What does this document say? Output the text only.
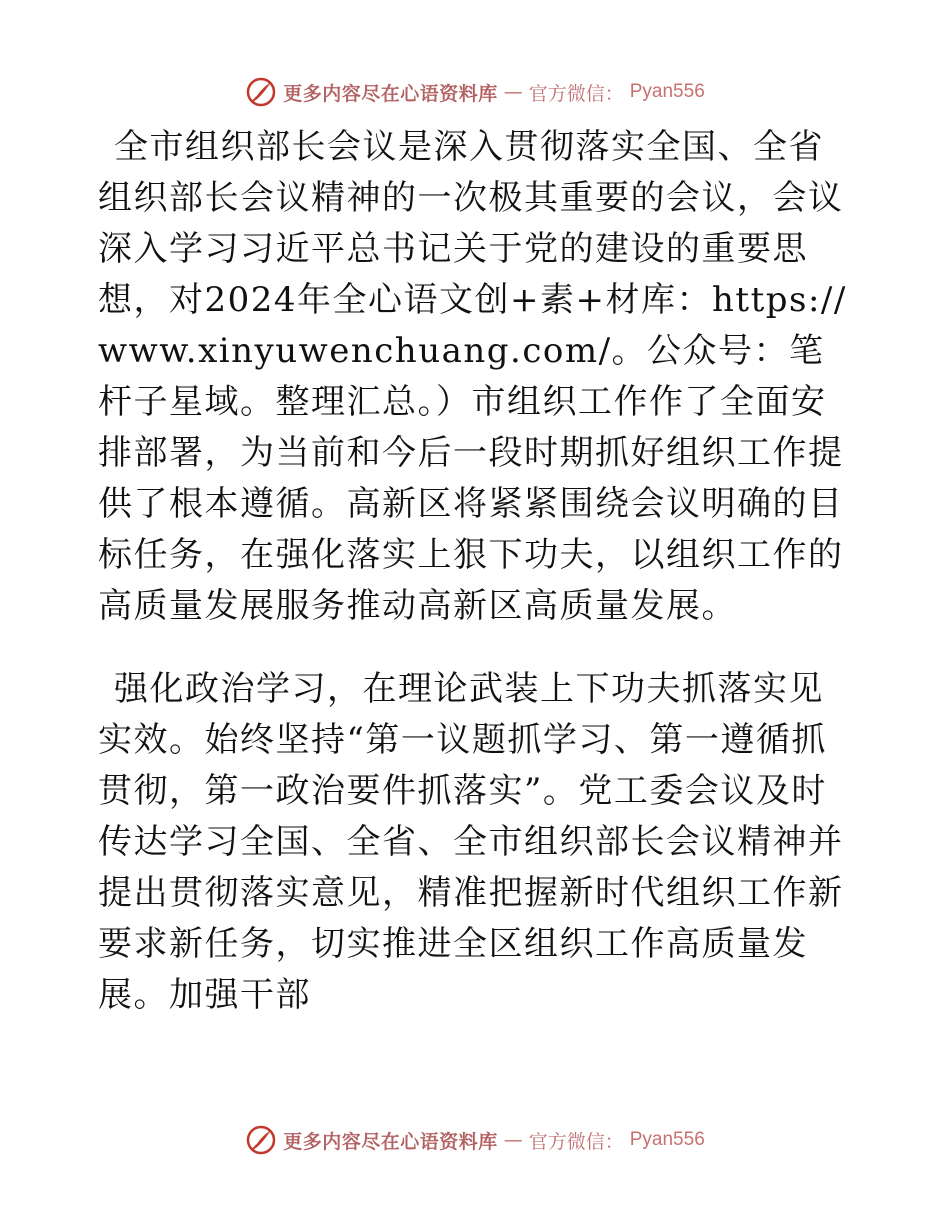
更多内容尽在心语资料库 — 官方微信： Pyan556

全市组织部长会议是深入贯彻落实全国、全省组织部长会议精神的一次极其重要的会议，会议深入学习习近平总书记关于党的建设的重要思想，对2024年全心语文创+素+材库：https://www.xinyuwenchuang.com/。公众号：笔杆子星域。整理汇总。）市组织工作作了全面安排部署，为当前和今后一段时期抓好组织工作提供了根本遵循。高新区将紧紧围绕会议明确的目标任务，在强化落实上狠下功夫，以组织工作的高质量发展服务推动高新区高质量发展。

强化政治学习，在理论武装上下功夫抓落实见实效。始终坚持“第一议题抓学习、第一遵循抓贯彻，第一政治要件抓落实”。党工委会议及时传达学习全国、全省、全市组织部长会议精神并提出贯彻落实意见，精准把握新时代组织工作新要求新任务，切实推进全区组织工作高质量发展。加强干部

更多内容尽在心语资料库 — 官方微信： Pyan556
